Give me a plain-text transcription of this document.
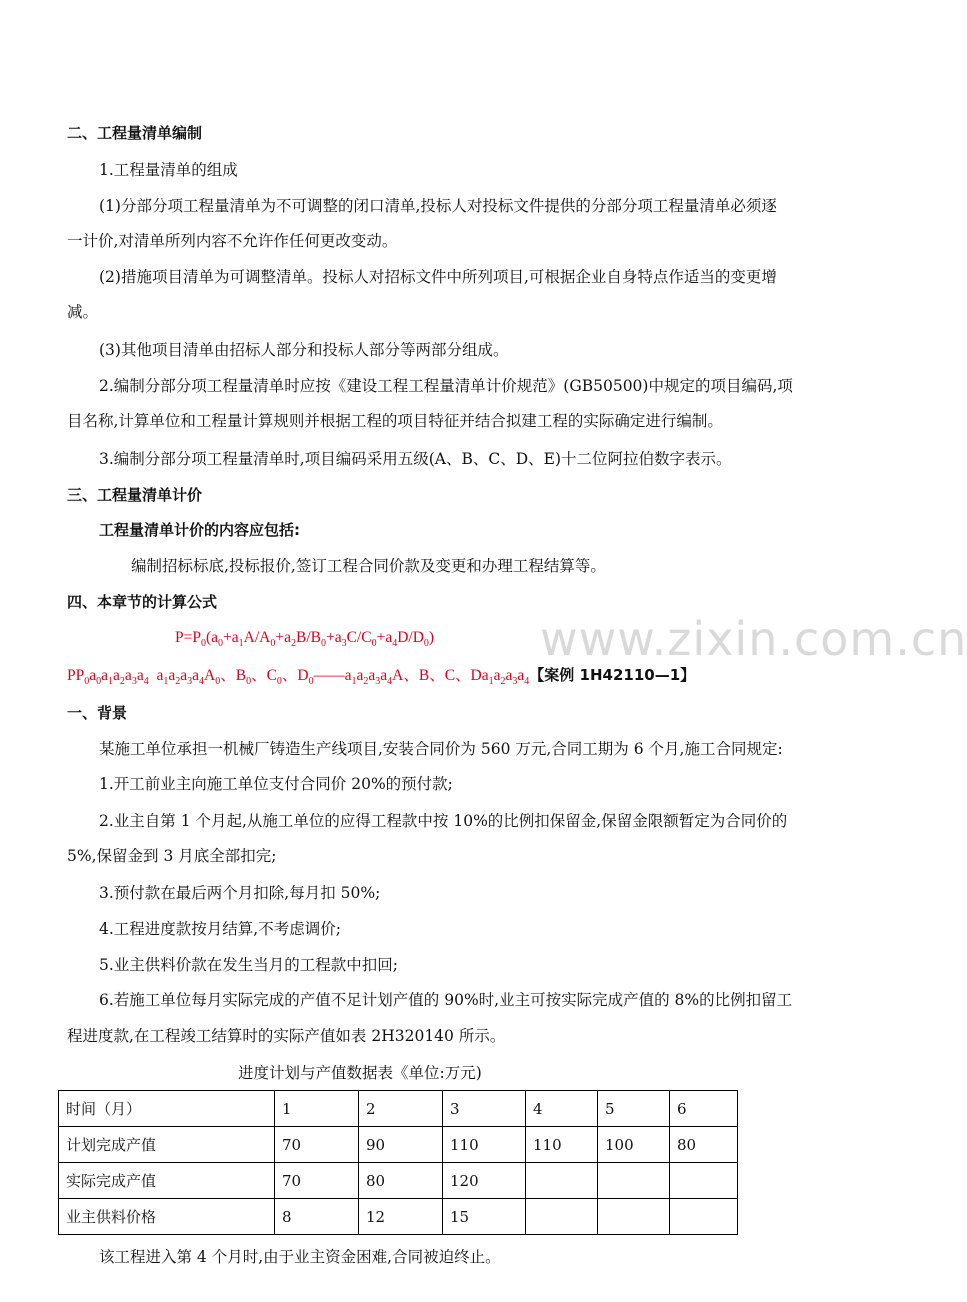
www.zixin.com.cn
二、工程量清单编制
1.工程量清单的组成
(1)分部分项工程量清单为不可调整的闭口清单,投标人对投标文件提供的分部分项工程量清单必须逐
一计价,对清单所列内容不允许作任何更改变动。
(2)措施项目清单为可调整清单。投标人对招标文件中所列项目,可根据企业自身特点作适当的变更增
减。
(3)其他项目清单由招标人部分和投标人部分等两部分组成。
2.编制分部分项工程量清单时应按《建设工程工程量清单计价规范》(GB50500)中规定的项目编码,项
目名称,计算单位和工程量计算规则并根据工程的项目特征并结合拟建工程的实际确定进行编制。
3.编制分部分项工程量清单时,项目编码采用五级(A、B、C、D、E)十二位阿拉伯数字表示。
三、工程量清单计价
工程量清单计价的内容应包括:
编制招标标底,投标报价,签订工程合同价款及变更和办理工程结算等。
四、本章节的计算公式
$P=P_0(a_0+a_1A/A_0+a_2B/B_0+a_3C/C_0+a_4D/D_0)$
$PP_0a_0a_1a_2a_3a_4$  $a_1a_2a_3a_4A_0$、$B_0$、$C_0$、$D_0——a_1a_2a_3a_4A$、B、C、$Da_1a_2a_3a_4$【案例 1H42110—1】
一、背景
某施工单位承担一机械厂铸造生产线项目,安装合同价为 560 万元,合同工期为 6 个月,施工合同规定:
1.开工前业主向施工单位支付合同价 20%的预付款;
2.业主自第 1 个月起,从施工单位的应得工程款中按 10%的比例扣保留金,保留金限额暂定为合同价的
5%,保留金到 3 月底全部扣完;
3.预付款在最后两个月扣除,每月扣 50%;
4.工程进度款按月结算,不考虑调价;
5.业主供料价款在发生当月的工程款中扣回;
6.若施工单位每月实际完成的产值不足计划产值的 90%时,业主可按实际完成产值的 8%的比例扣留工
程进度款,在工程竣工结算时的实际产值如表 2H320140 所示。
进度计划与产值数据表《单位:万元)
时间（月）	1	2	3	4	5	6
计划完成产值	70	90	110	110	100	80
实际完成产值	70	80	120			
业主供料价格	8	12	15			
该工程进入第 4 个月时,由于业主资金困难,合同被迫终止。
